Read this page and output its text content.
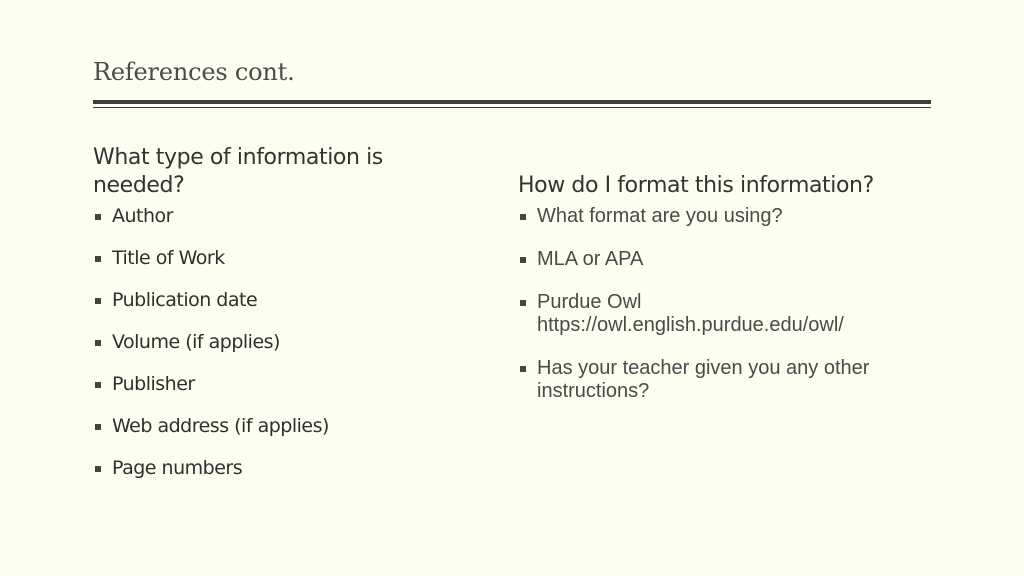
References cont.
What type of information is needed?	How do I format this information?
Author
Title of Work
Publication date
Volume (if applies)
Publisher
Web address (if applies)
Page numbers
What format are you using?
MLA or APA
Purdue Owl
https://owl.english.purdue.edu/owl/
Has your teacher given you any other instructions?
